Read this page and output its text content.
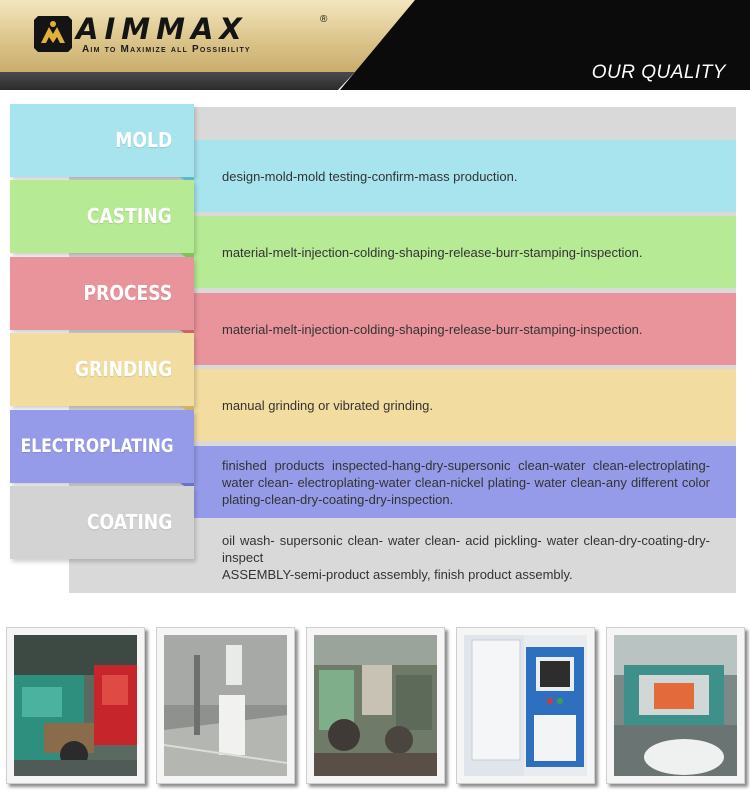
AIMMAX	®

Aim to Maximize all Possibility

OUR QUALITY

design-mold-mold testing-confirm-mass production.

material-melt-injection-colding-shaping-release-burr-stamping-inspection.

material-melt-injection-colding-shaping-release-burr-stamping-inspection.

manual grinding or vibrated grinding.

finished products inspected-hang-dry-supersonic clean-water clean-electroplating-water clean- electroplating-water clean-nickel plating- water clean-any different color plating-clean-dry-coating-dry-inspection.

oil wash- supersonic clean- water clean- acid pickling- water clean-dry-coating-dry-inspect
ASSEMBLY-semi-product assembly, finish product assembly.

MOLD

CASTING

PROCESS

GRINDING

ELECTROPLATING

COATING
